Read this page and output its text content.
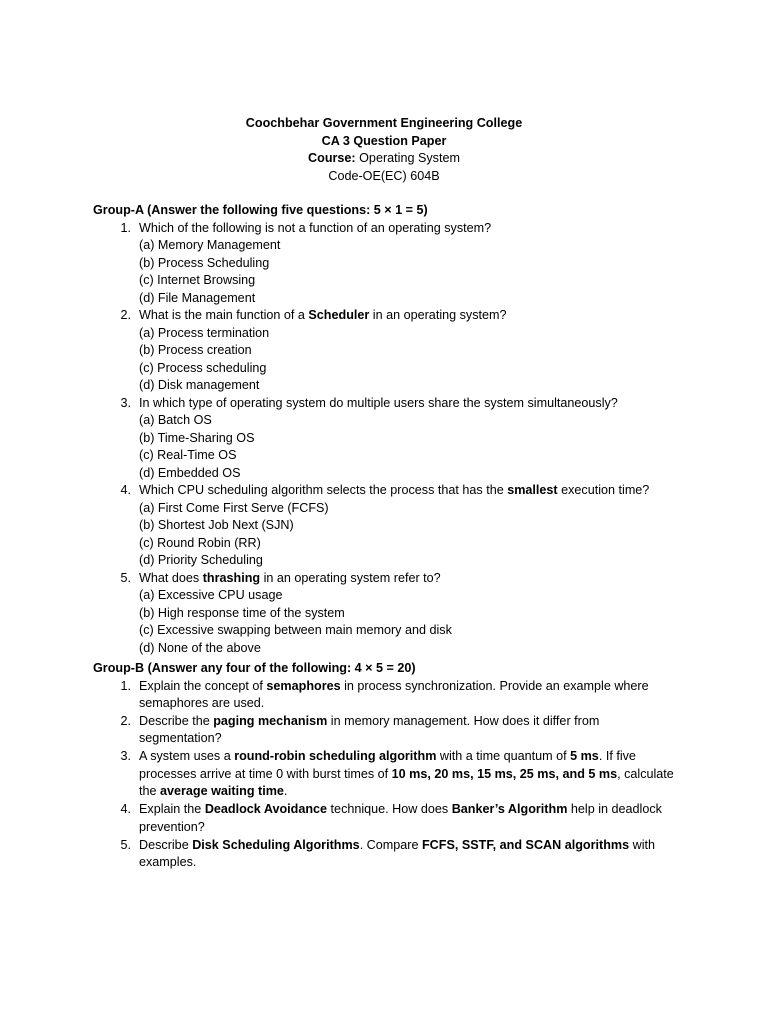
Coochbehar Government Engineering College
CA 3 Question Paper
Course: Operating System
Code-OE(EC) 604B
Group-A (Answer the following five questions: 5 × 1 = 5)
1. Which of the following is not a function of an operating system?
(a) Memory Management
(b) Process Scheduling
(c) Internet Browsing
(d) File Management
2. What is the main function of a Scheduler in an operating system?
(a) Process termination
(b) Process creation
(c) Process scheduling
(d) Disk management
3. In which type of operating system do multiple users share the system simultaneously?
(a) Batch OS
(b) Time-Sharing OS
(c) Real-Time OS
(d) Embedded OS
4. Which CPU scheduling algorithm selects the process that has the smallest execution time?
(a) First Come First Serve (FCFS)
(b) Shortest Job Next (SJN)
(c) Round Robin (RR)
(d) Priority Scheduling
5. What does thrashing in an operating system refer to?
(a) Excessive CPU usage
(b) High response time of the system
(c) Excessive swapping between main memory and disk
(d) None of the above
Group-B (Answer any four of the following: 4 × 5 = 20)
1. Explain the concept of semaphores in process synchronization. Provide an example where semaphores are used.
2. Describe the paging mechanism in memory management. How does it differ from segmentation?
3. A system uses a round-robin scheduling algorithm with a time quantum of 5 ms. If five processes arrive at time 0 with burst times of 10 ms, 20 ms, 15 ms, 25 ms, and 5 ms, calculate the average waiting time.
4. Explain the Deadlock Avoidance technique. How does Banker’s Algorithm help in deadlock prevention?
5. Describe Disk Scheduling Algorithms. Compare FCFS, SSTF, and SCAN algorithms with examples.
